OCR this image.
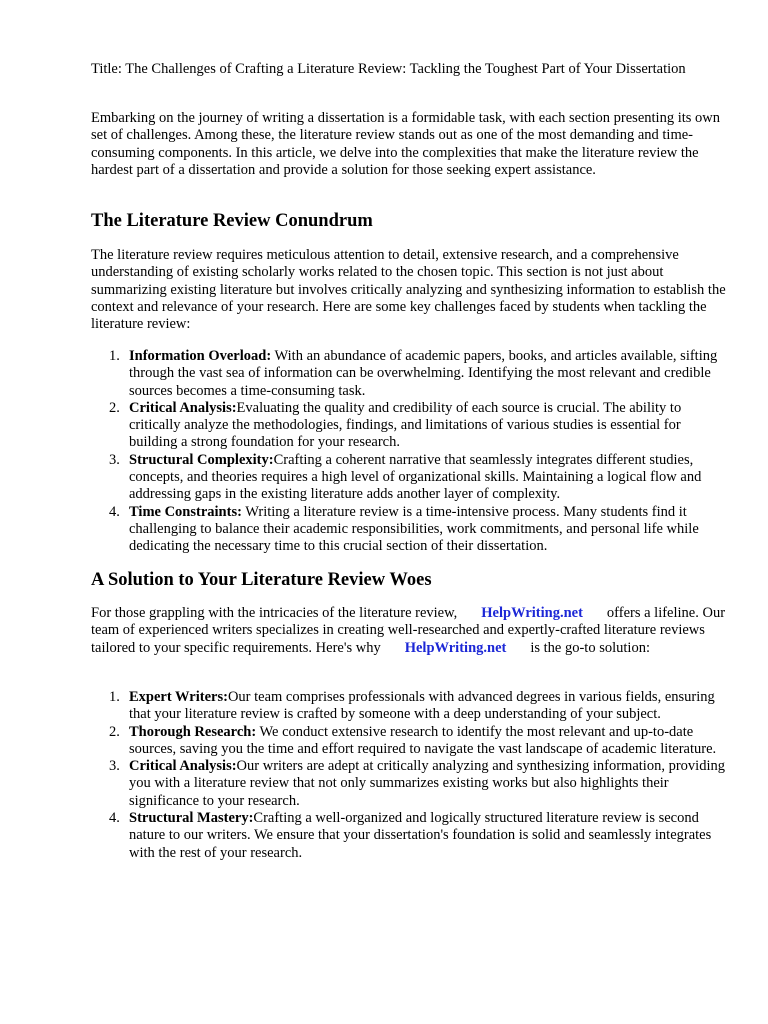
Title: The Challenges of Crafting a Literature Review: Tackling the Toughest Part of Your Dissertation

Embarking on the journey of writing a dissertation is a formidable task, with each section presenting its own set of challenges. Among these, the literature review stands out as one of the most demanding and time-consuming components. In this article, we delve into the complexities that make the literature review the hardest part of a dissertation and provide a solution for those seeking expert assistance.

The Literature Review Conundrum

The literature review requires meticulous attention to detail, extensive research, and a comprehensive understanding of existing scholarly works related to the chosen topic. This section is not just about summarizing existing literature but involves critically analyzing and synthesizing information to establish the context and relevance of your research. Here are some key challenges faced by students when tackling the literature review:

1. Information Overload: With an abundance of academic papers, books, and articles available, sifting through the vast sea of information can be overwhelming. Identifying the most relevant and credible sources becomes a time-consuming task.
2. Critical Analysis:Evaluating the quality and credibility of each source is crucial. The ability to critically analyze the methodologies, findings, and limitations of various studies is essential for building a strong foundation for your research.
3. Structural Complexity:Crafting a coherent narrative that seamlessly integrates different studies, concepts, and theories requires a high level of organizational skills. Maintaining a logical flow and addressing gaps in the existing literature adds another layer of complexity.
4. Time Constraints: Writing a literature review is a time-intensive process. Many students find it challenging to balance their academic responsibilities, work commitments, and personal life while dedicating the necessary time to this crucial section of their dissertation.
A Solution to Your Literature Review Woes

For those grappling with the intricacies of the literature review, HelpWriting.net offers a lifeline. Our team of experienced writers specializes in creating well-researched and expertly-crafted literature reviews tailored to your specific requirements. Here's why HelpWriting.net is the go-to solution:

1. Expert Writers:Our team comprises professionals with advanced degrees in various fields, ensuring that your literature review is crafted by someone with a deep understanding of your subject.
2. Thorough Research: We conduct extensive research to identify the most relevant and up-to-date sources, saving you the time and effort required to navigate the vast landscape of academic literature.
3. Critical Analysis:Our writers are adept at critically analyzing and synthesizing information, providing you with a literature review that not only summarizes existing works but also highlights their significance to your research.
4. Structural Mastery:Crafting a well-organized and logically structured literature review is second nature to our writers. We ensure that your dissertation's foundation is solid and seamlessly integrates with the rest of your research.
